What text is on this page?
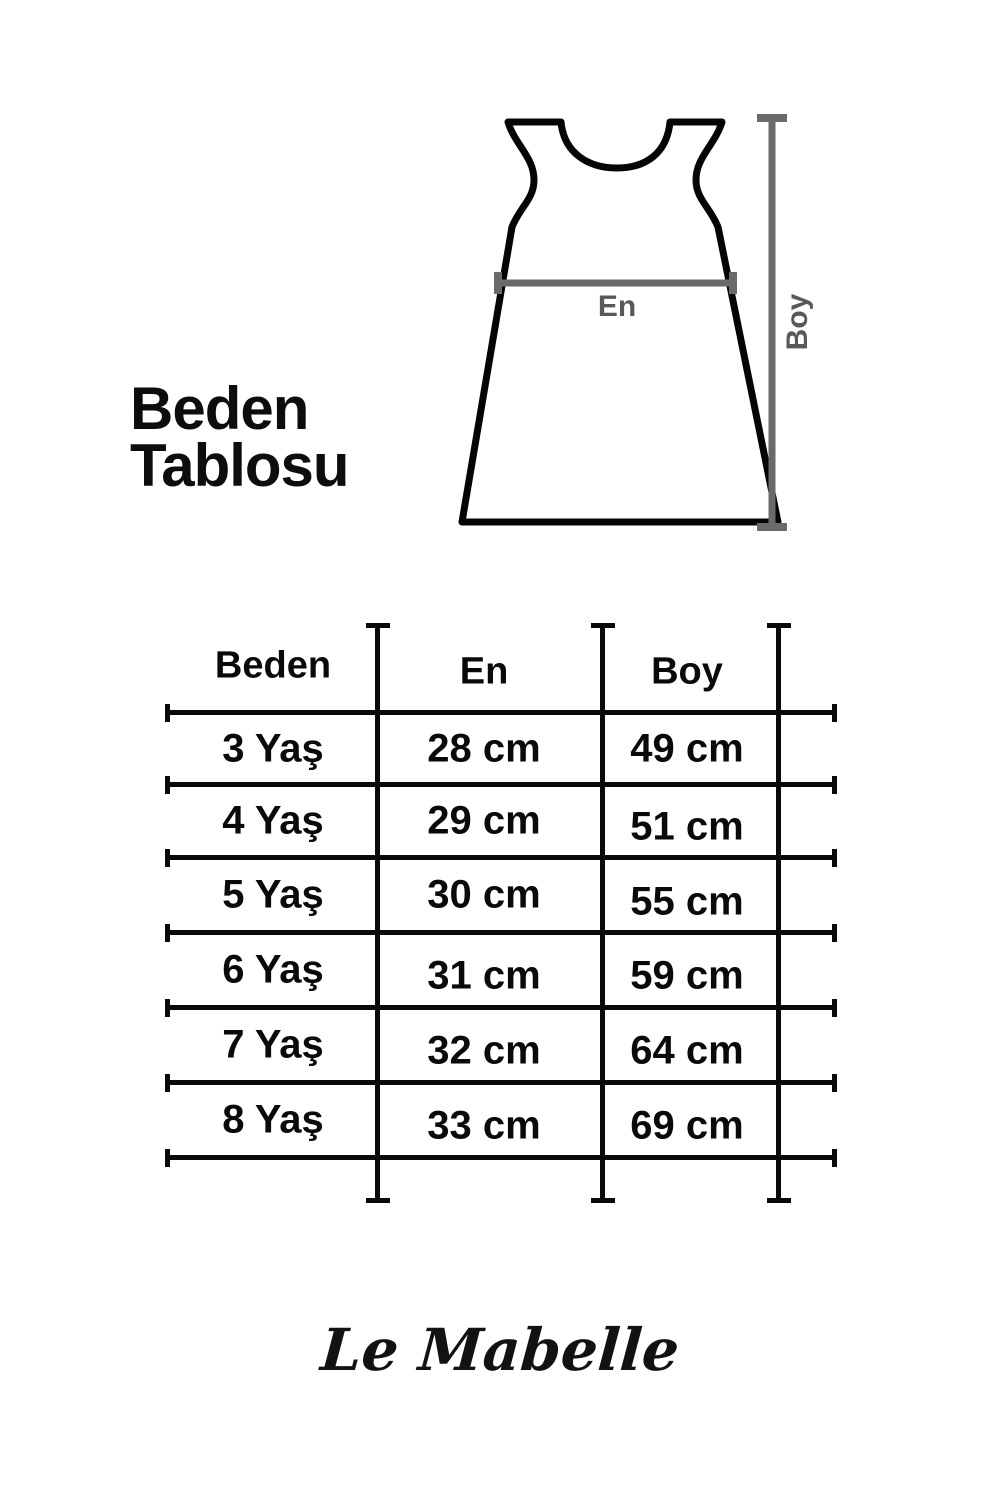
Beden
Tablosu
En	Boy
Beden	En	Boy
3 Yaş	28 cm 49 cm
4 Yaş	29 cm 51 cm
5 Yaş	30 cm 55 cm
6 Yaş	31 cm 59 cm
7 Yaş	32 cm 64 cm
8 Yaş	33 cm 69 cm
Le Mabelle
